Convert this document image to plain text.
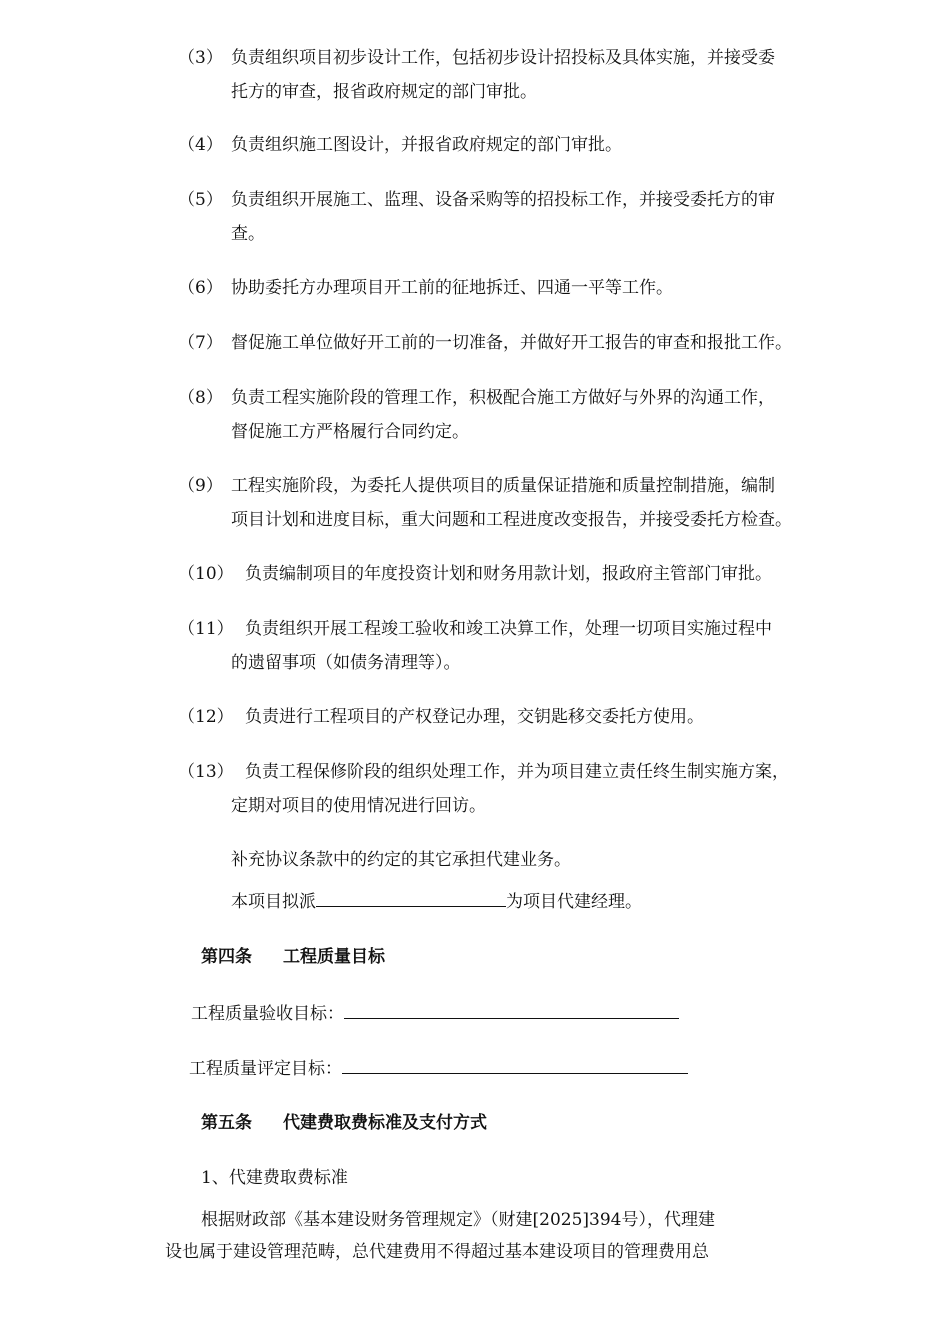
（3） 负责组织项目初步设计工作，包括初步设计招投标及具体实施，并接受委
托方的审查，报省政府规定的部门审批。
（4） 负责组织施工图设计，并报省政府规定的部门审批。
（5） 负责组织开展施工、监理、设备采购等的招投标工作，并接受委托方的审
查。
（6） 协助委托方办理项目开工前的征地拆迁、四通一平等工作。
（7） 督促施工单位做好开工前的一切准备，并做好开工报告的审查和报批工作。
（8） 负责工程实施阶段的管理工作，积极配合施工方做好与外界的沟通工作，
督促施工方严格履行合同约定。
（9） 工程实施阶段，为委托人提供项目的质量保证措施和质量控制措施，编制
项目计划和进度目标，重大问题和工程进度改变报告，并接受委托方检查。
（10） 负责编制项目的年度投资计划和财务用款计划，报政府主管部门审批。
（11） 负责组织开展工程竣工验收和竣工决算工作，处理一切项目实施过程中
的遗留事项（如债务清理等）。
（12） 负责进行工程项目的产权登记办理，交钥匙移交委托方使用。
（13） 负责工程保修阶段的组织处理工作，并为项目建立责任终生制实施方案，
定期对项目的使用情况进行回访。
补充协议条款中的约定的其它承担代建业务。
本项目拟派	为项目代建经理。
第四条 工程质量目标
工程质量验收目标：
工程质量评定目标：
第五条 代建费取费标准及支付方式
1、代建费取费标准
根据财政部《基本建设财务管理规定》（财建[2025]394号），代理建
设也属于建设管理范畴，总代建费用不得超过基本建设项目的管理费用总
